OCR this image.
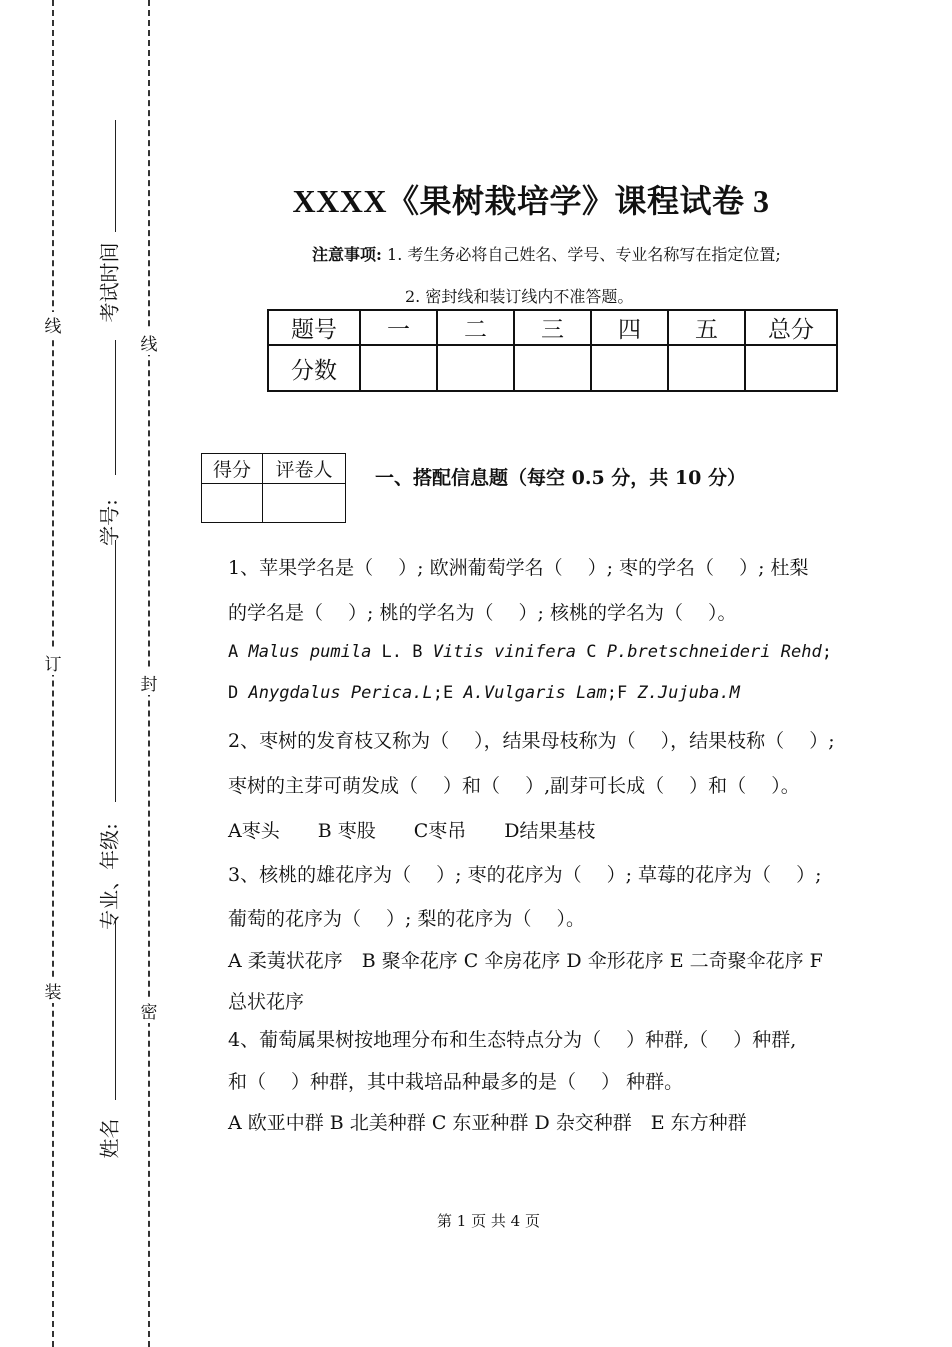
线
订
装
线
封
密
考试时间
学号:
专业、年级:
姓名
XXXX《果树栽培学》课程试卷 3
注意事项: 1. 考生务必将自己姓名、学号、专业名称写在指定位置;
2. 密封线和装订线内不准答题。
题号	一	二	三	四	五	总分
分数						
得分	评卷人
	一、搭配信息题（每空 0.5 分，共 10 分）
1、苹果学名是（　 ）; 欧洲葡萄学名（　 ）; 枣的学名（　 ）; 杜梨
的学名是（　 ）; 桃的学名为（　 ）; 核桃的学名为（　 ）。
A Malus pumila L. B Vitis vinifera C P.bretschneideri Rehd;
D Anygdalus Perica.L;E A.Vulgaris Lam;F Z.Jujuba.M
2、枣树的发育枝又称为（　 ），结果母枝称为（　 ），结果枝称（　 ）;
枣树的主芽可萌发成（　 ）和（　 ）,副芽可长成（　 ）和（　 ）。
A枣头　　B 枣股　　C枣吊　　D结果基枝
3、核桃的雄花序为（　 ）; 枣的花序为（　 ）; 草莓的花序为（　 ）;
葡萄的花序为（　 ）; 梨的花序为（　 ）。
A 柔荑状花序　B 聚伞花序 C 伞房花序 D 伞形花序 E 二奇聚伞花序 F
总状花序
4、葡萄属果树按地理分布和生态特点分为（　 ）种群,（　 ）种群,
和（　 ）种群，其中栽培品种最多的是（　 ） 种群。
A 欧亚中群 B 北美种群 C 东亚种群 D 杂交种群　E 东方种群
第 1 页 共 4 页
